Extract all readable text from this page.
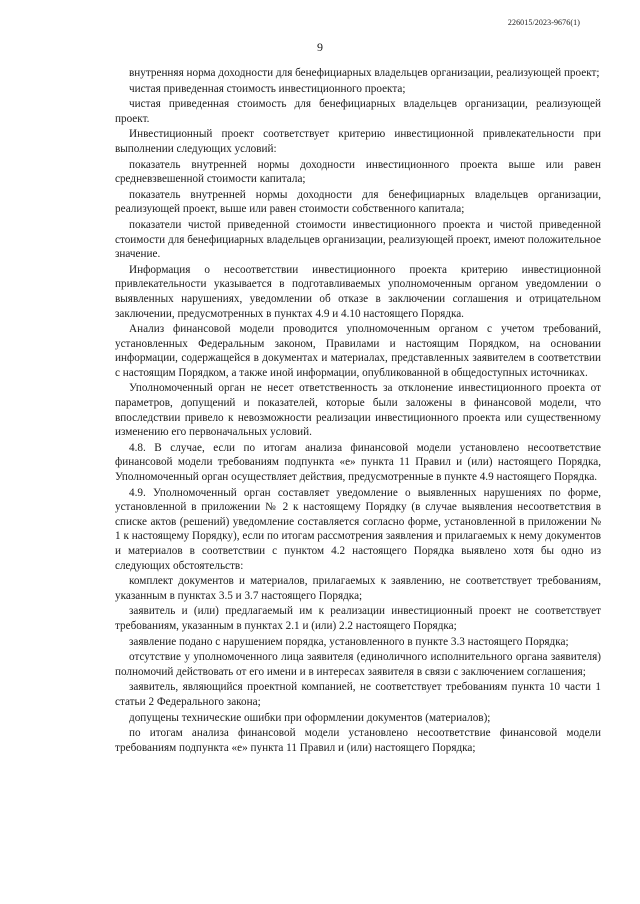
226015/2023-9676(1)
9

внутренняя норма доходности для бенефициарных владельцев организации, реализующей проект;

чистая приведенная стоимость инвестиционного проекта;

чистая приведенная стоимость для бенефициарных владельцев организации, реализующей проект.

Инвестиционный проект соответствует критерию инвестиционной привлекательности при выполнении следующих условий:

показатель внутренней нормы доходности инвестиционного проекта выше или равен средневзвешенной стоимости капитала;

показатель внутренней нормы доходности для бенефициарных владельцев организации, реализующей проект, выше или равен стоимости собственного капитала;

показатели чистой приведенной стоимости инвестиционного проекта и чистой приведенной стоимости для бенефициарных владельцев организации, реализующей проект, имеют положительное значение.

Информация о несоответствии инвестиционного проекта критерию инвестиционной привлекательности указывается в подготавливаемых уполномоченным органом уведомлении о выявленных нарушениях, уведомлении об отказе в заключении соглашения и отрицательном заключении, предусмотренных в пунктах 4.9 и 4.10 настоящего Порядка.

Анализ финансовой модели проводится уполномоченным органом с учетом требований, установленных Федеральным законом, Правилами и настоящим Порядком, на основании информации, содержащейся в документах и материалах, представленных заявителем в соответствии с настоящим Порядком, а также иной информации, опубликованной в общедоступных источниках.

Уполномоченный орган не несет ответственность за отклонение инвестиционного проекта от параметров, допущений и показателей, которые были заложены в финансовой модели, что впоследствии привело к невозможности реализации инвестиционного проекта или существенному изменению его первоначальных условий.

4.8. В случае, если по итогам анализа финансовой модели установлено несоответствие финансовой модели требованиям подпункта «е» пункта 11 Правил и (или) настоящего Порядка, Уполномоченный орган осуществляет действия, предусмотренные в пункте 4.9 настоящего Порядка.

4.9. Уполномоченный орган составляет уведомление о выявленных нарушениях по форме, установленной в приложении № 2 к настоящему Порядку (в случае выявления несоответствия в списке актов (решений) уведомление составляется согласно форме, установленной в приложении № 1 к настоящему Порядку), если по итогам рассмотрения заявления и прилагаемых к нему документов и материалов в соответствии с пунктом 4.2 настоящего Порядка выявлено хотя бы одно из следующих обстоятельств:

комплект документов и материалов, прилагаемых к заявлению, не соответствует требованиям, указанным в пунктах 3.5 и 3.7 настоящего Порядка;

заявитель и (или) предлагаемый им к реализации инвестиционный проект не соответствует требованиям, указанным в пунктах 2.1 и (или) 2.2 настоящего Порядка;

заявление подано с нарушением порядка, установленного в пункте 3.3 настоящего Порядка;

отсутствие у уполномоченного лица заявителя (единоличного исполнительного органа заявителя) полномочий действовать от его имени и в интересах заявителя в связи с заключением соглашения;

заявитель, являющийся проектной компанией, не соответствует требованиям пункта 10 части 1 статьи 2 Федерального закона;

допущены технические ошибки при оформлении документов (материалов);

по итогам анализа финансовой модели установлено несоответствие финансовой модели требованиям подпункта «е» пункта 11 Правил и (или) настоящего Порядка;
